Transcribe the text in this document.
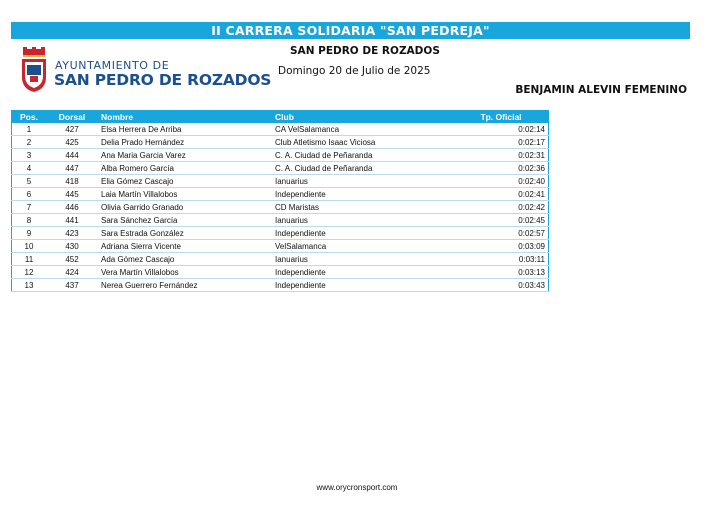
II CARRERA SOLIDARIA "SAN PEDREJA"
AYUNTAMIENTO DE
SAN PEDRO DE ROZADOS
SAN PEDRO DE ROZADOS
Domingo 20 de Julio de 2025
BENJAMIN ALEVIN FEMENINO
Pos.	Dorsal	Nombre	Club	Tp. Oficial
1	427	Elsa Herrera De Arriba	CA VelSalamanca	0:02:14
2	425	Delia Prado Hernández	Club Atletismo Isaac Viciosa	0:02:17
3	444	Ana Maria Garcia Varez	C. A. Ciudad de Peñaranda	0:02:31
4	447	Alba Romero García	C. A. Ciudad de Peñaranda	0:02:36
5	418	Elia Gómez Cascajo	Ianuarius	0:02:40
6	445	Laia Martín Villalobos	Independiente	0:02:41
7	446	Olivia Garrido Granado	CD Maristas	0:02:42
8	441	Sara Sánchez García	Ianuarius	0:02:45
9	423	Sara Estrada González	Independiente	0:02:57
10	430	Adriana Sierra Vicente	VelSalamanca	0:03:09
11	452	Ada Gómez Cascajo	Ianuarius	0:03:11
12	424	Vera Martín Villalobos	Independiente	0:03:13
13	437	Nerea Guerrero Fernández	Independiente	0:03:43
www.orycronsport.com
